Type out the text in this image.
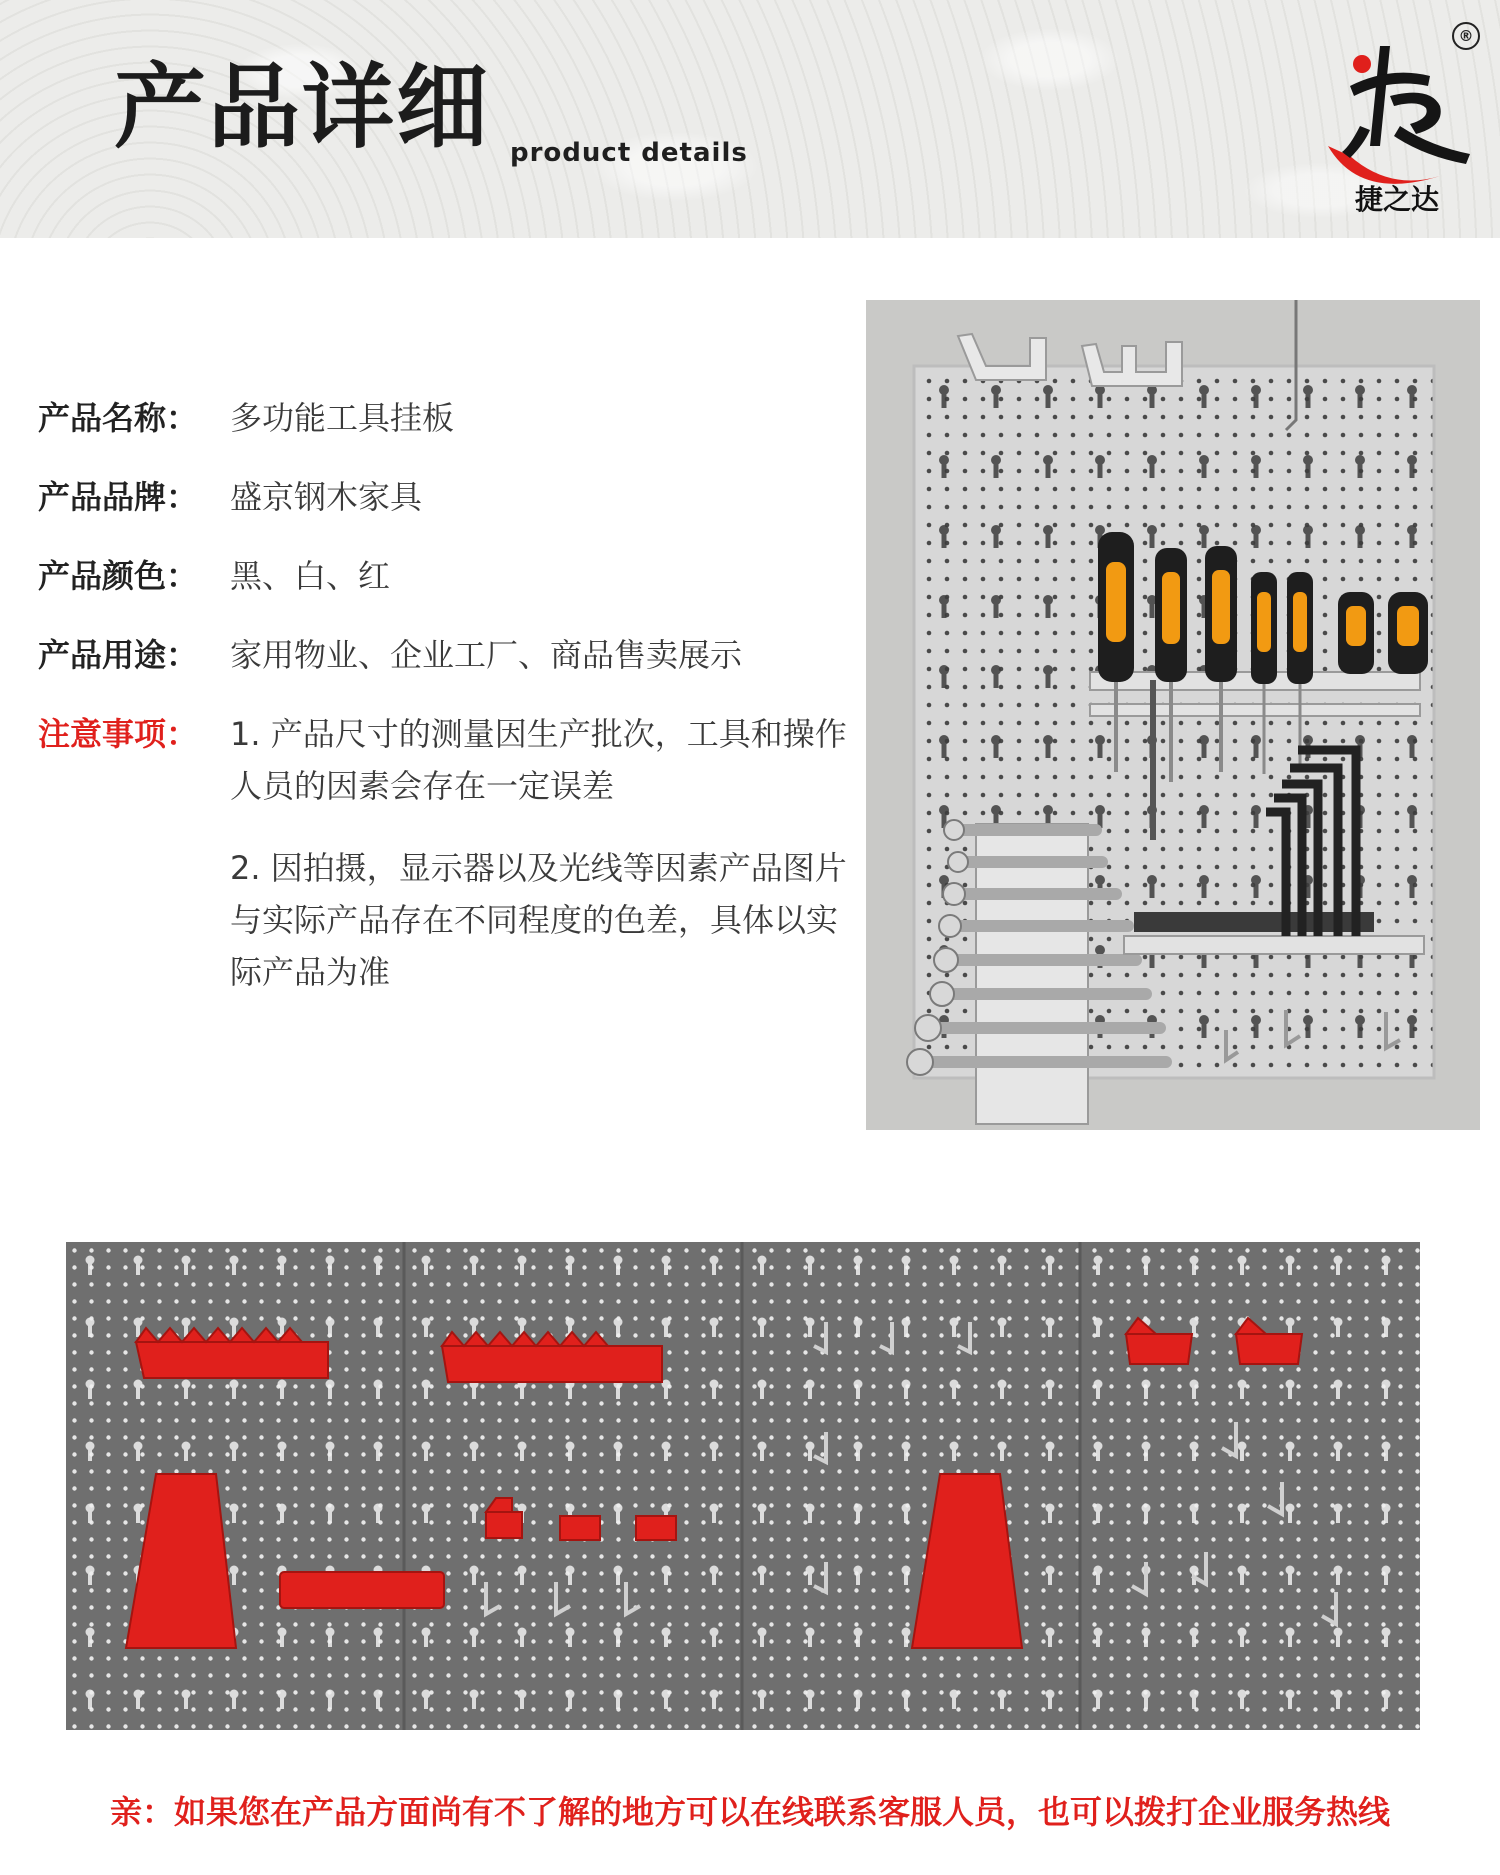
产品详细 product details
捷之达
®
产品名称： 多功能工具挂板
产品品牌： 盛京钢木家具
产品颜色： 黑、白、红
产品用途： 家用物业、企业工厂、商品售卖展示
注意事项： 1. 产品尺寸的测量因生产批次，工具和操作人员的因素会存在一定误差

2. 因拍摄，显示器以及光线等因素产品图片与实际产品存在不同程度的色差，具体以实际产品为准

亲：如果您在产品方面尚有不了解的地方可以在线联系客服人员，也可以拨打企业服务热线
